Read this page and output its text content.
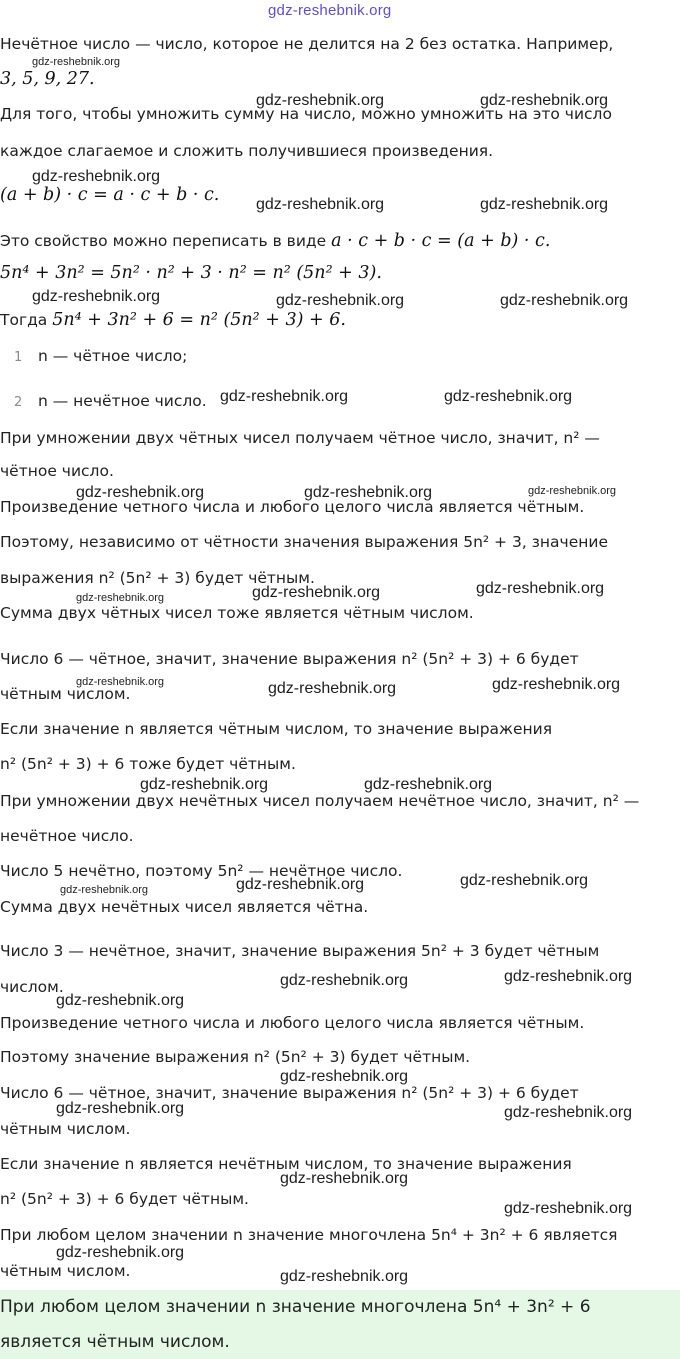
gdz-reshebnik.org

Нечётное число — число, которое не делится на 2 без остатка. Например,

3, 5, 9, 27.

Для того, чтобы умножить сумму на число, можно умножить на это число

каждое слагаемое и сложить получившиеся произведения.

(a + b) · c = a · c + b · c.

Это свойство можно переписать в виде a · c + b · c = (a + b) · c.

5n⁴ + 3n² = 5n² · n² + 3 · n² = n² (5n² + 3).

Тогда 5n⁴ + 3n² + 6 = n² (5n² + 3) + 6.

1 n — чётное число;

2 n — нечётное число.

При умножении двух чётных чисел получаем чётное число, значит, n² —

чётное число.

Произведение четного числа и любого целого числа является чётным.

Поэтому, независимо от чётности значения выражения 5n² + 3, значение

выражения n² (5n² + 3) будет чётным.

Сумма двух чётных чисел тоже является чётным числом.

Число 6 — чётное, значит, значение выражения n² (5n² + 3) + 6 будет

чётным числом.

Если значение n является чётным числом, то значение выражения

n² (5n² + 3) + 6 тоже будет чётным.

При умножении двух нечётных чисел получаем нечётное число, значит, n² —

нечётное число.

Число 5 нечётно, поэтому 5n² — нечётное число.

Сумма двух нечётных чисел является чётна.

Число 3 — нечётное, значит, значение выражения 5n² + 3 будет чётным

числом.

Произведение четного числа и любого целого числа является чётным.

Поэтому значение выражения n² (5n² + 3) будет чётным.

Число 6 — чётное, значит, значение выражения n² (5n² + 3) + 6 будет

чётным числом.

Если значение n является нечётным числом, то значение выражения

n² (5n² + 3) + 6 будет чётным.

При любом целом значении n значение многочлена 5n⁴ + 3n² + 6 является

чётным числом.

При любом целом значении n значение многочлена 5n⁴ + 3n² + 6

является чётным числом.

gdz-reshebnik.org
gdz-reshebnik.org	gdz-reshebnik.org
gdz-reshebnik.org
gdz-reshebnik.org	gdz-reshebnik.org
gdz-reshebnik.org	gdz-reshebnik.org	gdz-reshebnik.org
gdz-reshebnik.org	gdz-reshebnik.org
gdz-reshebnik.org	gdz-reshebnik.org	gdz-reshebnik.org
gdz-reshebnik.org	gdz-reshebnik.org	gdz-reshebnik.org
gdz-reshebnik.org	gdz-reshebnik.org	gdz-reshebnik.org
gdz-reshebnik.org	gdz-reshebnik.org
gdz-reshebnik.org	gdz-reshebnik.org	gdz-reshebnik.org
gdz-reshebnik.org	gdz-reshebnik.org
gdz-reshebnik.org
gdz-reshebnik.org
gdz-reshebnik.org	gdz-reshebnik.org
gdz-reshebnik.org
gdz-reshebnik.org
gdz-reshebnik.org
gdz-reshebnik.org
